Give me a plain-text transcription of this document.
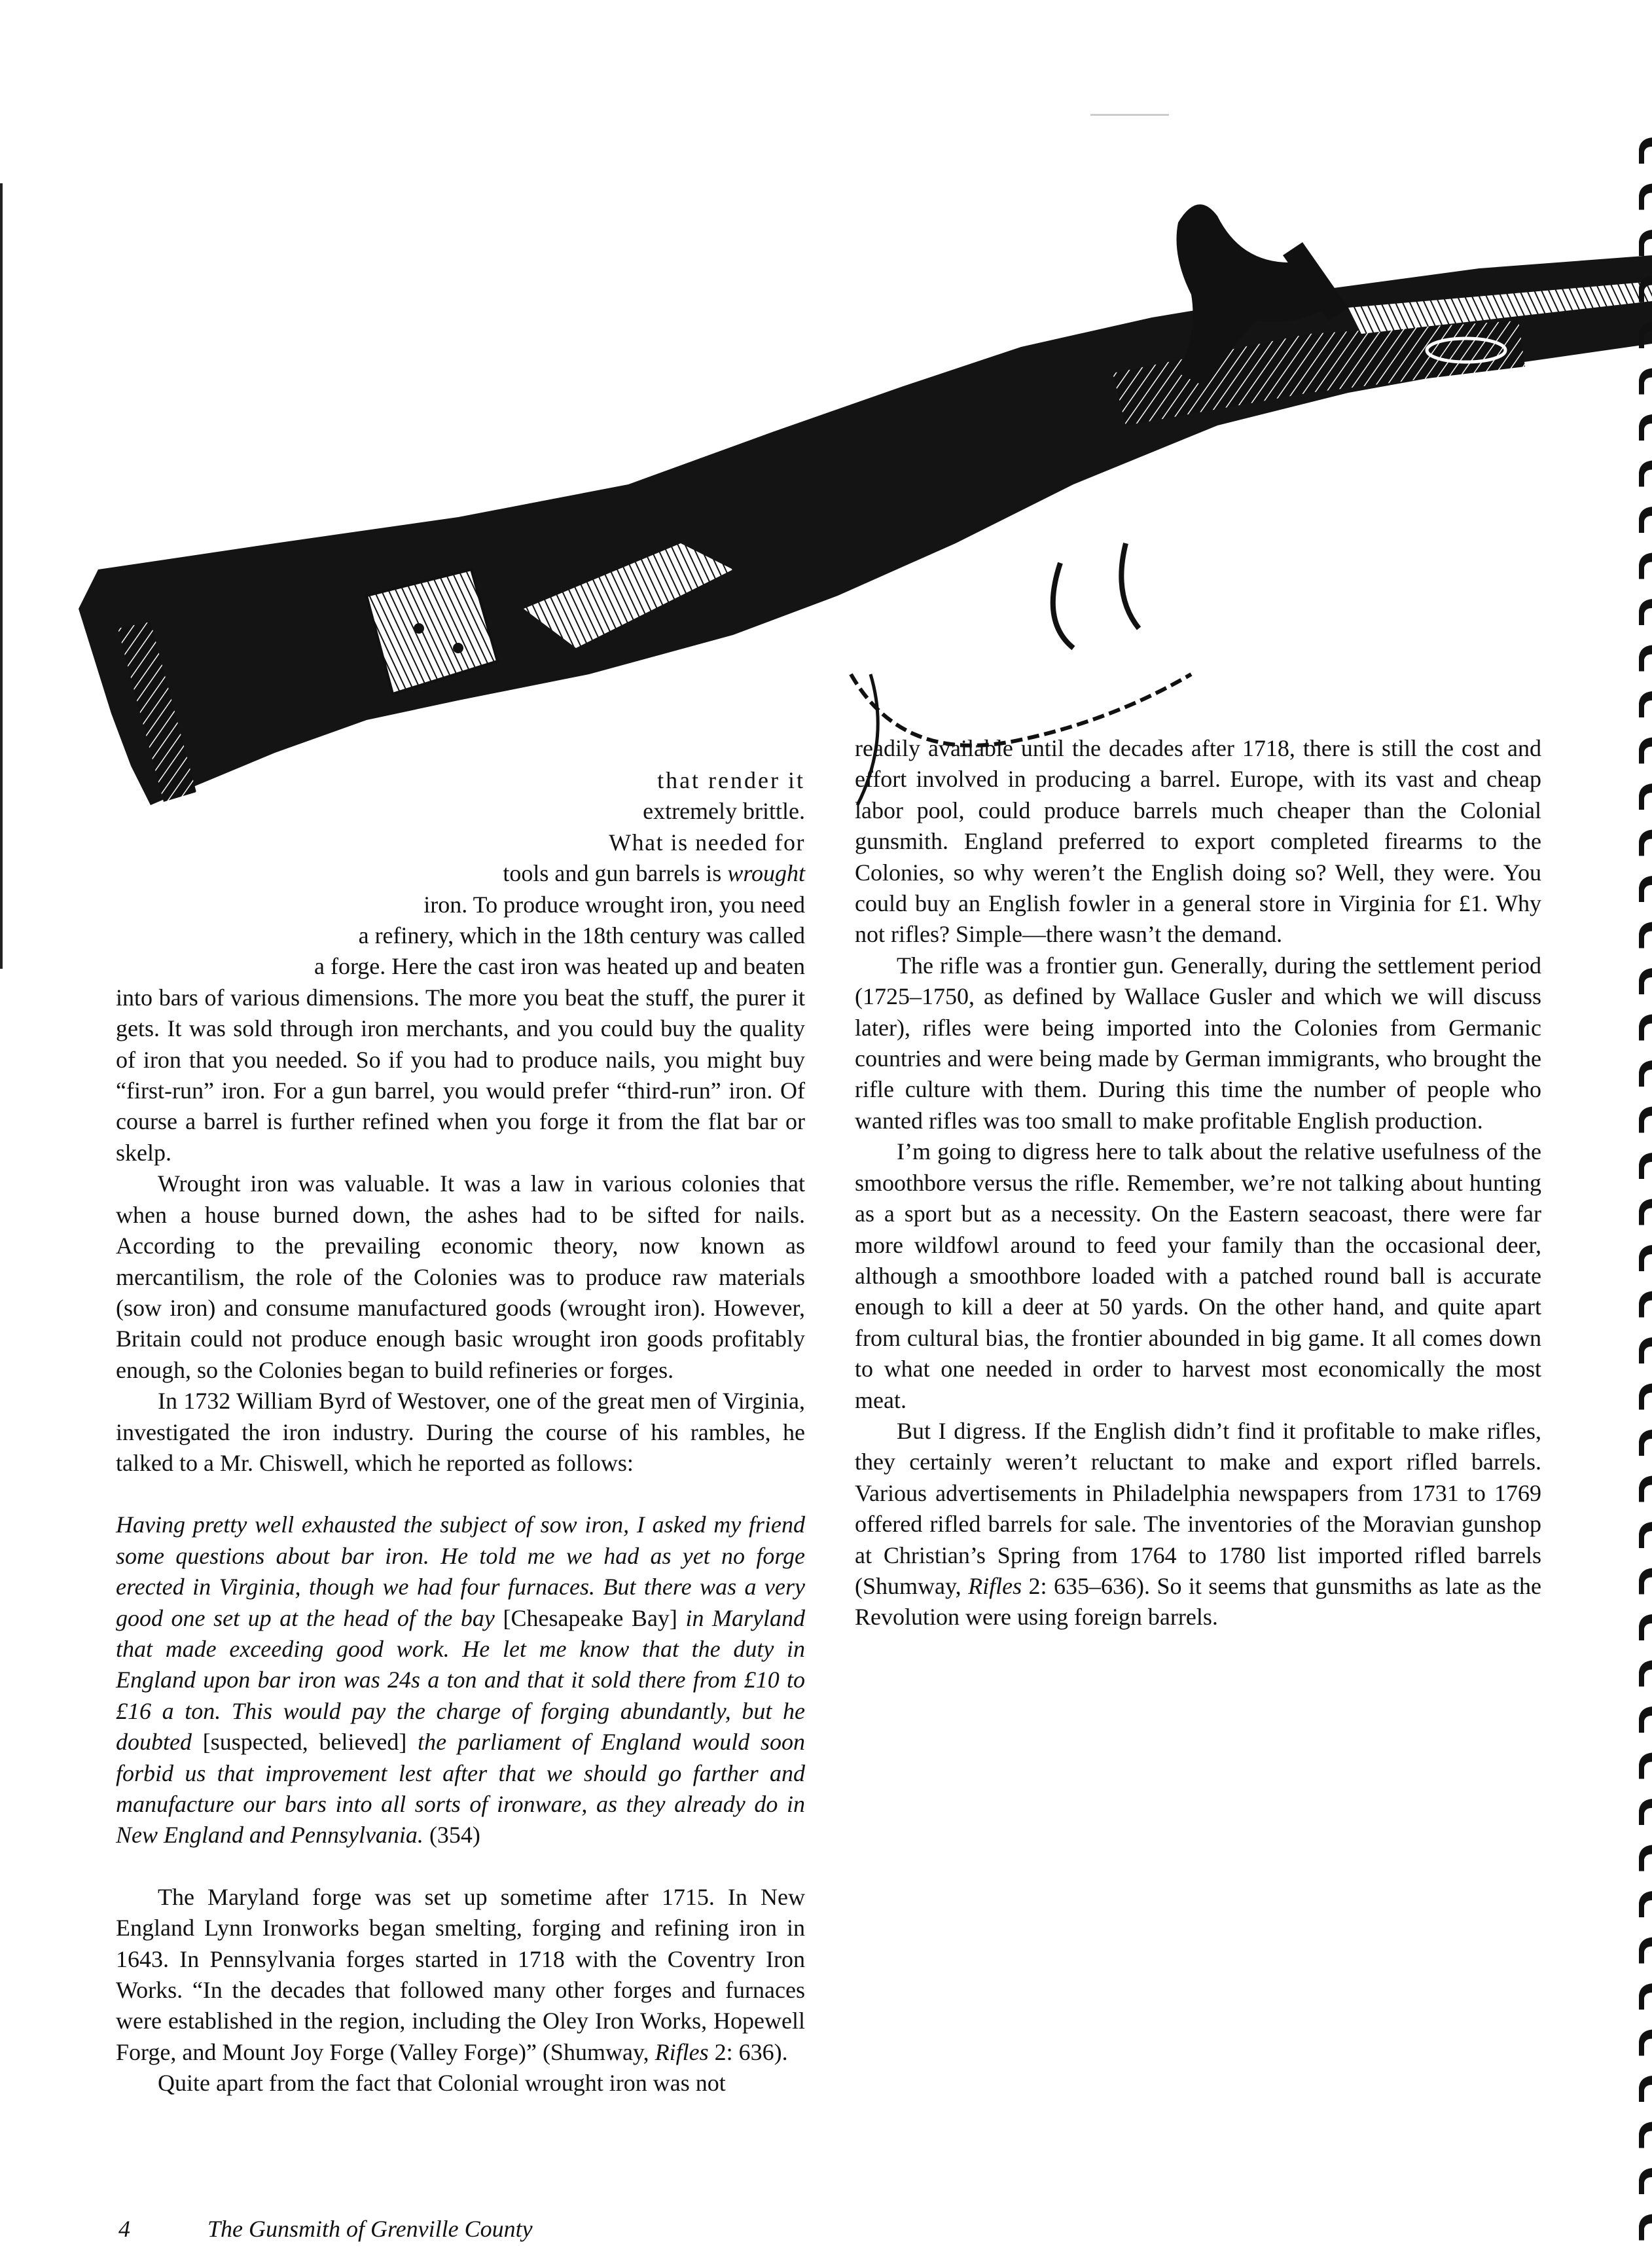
that render it
extremely brittle.
What is needed for
tools and gun barrels is wrought
iron. To produce wrought iron, you need
a refinery, which in the 18th century was called
a forge. Here the cast iron was heated up and beaten

into bars of various dimensions. The more you beat the stuff, the purer it gets. It was sold through iron merchants, and you could buy the quality of iron that you needed. So if you had to produce nails, you might buy “first-run” iron. For a gun barrel, you would prefer “third-run” iron. Of course a barrel is further refined when you forge it from the flat bar or skelp.

Wrought iron was valuable. It was a law in various colonies that when a house burned down, the ashes had to be sifted for nails. According to the prevailing economic theory, now known as mercantilism, the role of the Colonies was to produce raw materials (sow iron) and consume manufactured goods (wrought iron). However, Britain could not produce enough basic wrought iron goods profitably enough, so the Colonies began to build refineries or forges.

In 1732 William Byrd of Westover, one of the great men of Virginia, investigated the iron industry. During the course of his rambles, he talked to a Mr. Chiswell, which he reported as follows:

Having pretty well exhausted the subject of sow iron, I asked my friend some questions about bar iron. He told me we had as yet no forge erected in Virginia, though we had four furnaces. But there was a very good one set up at the head of the bay [Chesapeake Bay] in Maryland that made exceeding good work. He let me know that the duty in England upon bar iron was 24s a ton and that it sold there from £10 to £16 a ton. This would pay the charge of forging abundantly, but he doubted [suspected, believed] the parliament of England would soon forbid us that improvement lest after that we should go farther and manufacture our bars into all sorts of ironware, as they already do in New England and Pennsylvania. (354)

The Maryland forge was set up sometime after 1715. In New England Lynn Ironworks began smelting, forging and refining iron in 1643. In Pennsylvania forges started in 1718 with the Coventry Iron Works. “In the decades that followed many other forges and furnaces were established in the region, including the Oley Iron Works, Hopewell Forge, and Mount Joy Forge (Valley Forge)” (Shumway, Rifles 2: 636).

Quite apart from the fact that Colonial wrought iron was not

readily available until the decades after 1718, there is still the cost and effort involved in producing a barrel. Europe, with its vast and cheap labor pool, could produce barrels much cheaper than the Colonial gunsmith. England preferred to export completed firearms to the Colonies, so why weren’t the English doing so? Well, they were. You could buy an English fowler in a general store in Virginia for £1. Why not rifles? Simple—there wasn’t the demand.

The rifle was a frontier gun. Generally, during the settlement period (1725–1750, as defined by Wallace Gusler and which we will discuss later), rifles were being imported into the Colonies from Germanic countries and were being made by German immigrants, who brought the rifle culture with them. During this time the number of people who wanted rifles was too small to make profitable English production.

I’m going to digress here to talk about the relative usefulness of the smoothbore versus the rifle. Remember, we’re not talking about hunting as a sport but as a necessity. On the Eastern seacoast, there were far more wildfowl around to feed your family than the occasional deer, although a smoothbore loaded with a patched round ball is accurate enough to kill a deer at 50 yards. On the other hand, and quite apart from cultural bias, the frontier abounded in big game. It all comes down to what one needed in order to harvest most economically the most meat.

But I digress. If the English didn’t find it profitable to make rifles, they certainly weren’t reluctant to make and export rifled barrels. Various advertisements in Philadelphia newspapers from 1731 to 1769 offered rifled barrels for sale. The inventories of the Moravian gunshop at Christian’s Spring from 1764 to 1780 list imported rifled barrels (Shumway, Rifles 2: 635–636). So it seems that gunsmiths as late as the Revolution were using foreign barrels.

4	The Gunsmith of Grenville County
